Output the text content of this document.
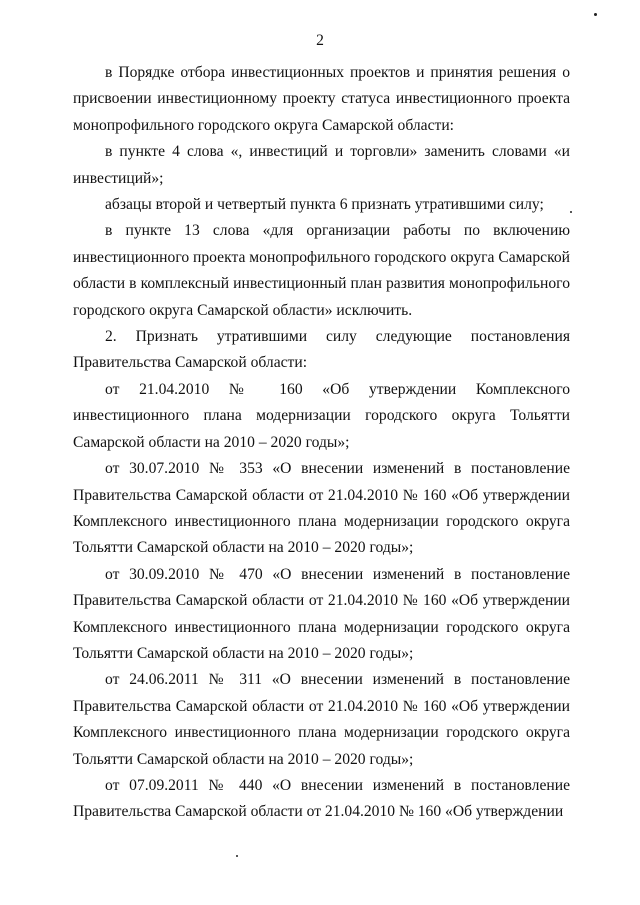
2

в Порядке отбора инвестиционных проектов и принятия решения о присвоении инвестиционному проекту статуса инвестиционного проекта монопрофильного городского округа Самарской области:

в пункте 4 слова «, инвестиций и торговли» заменить словами «и инвестиций»;

абзацы второй и четвертый пункта 6 признать утратившими силу;

в пункте 13 слова «для организации работы по включению инвестиционного проекта монопрофильного городского округа Самарской области в комплексный инвестиционный план развития монопрофильного городского округа Самарской области» исключить.

2. Признать утратившими силу следующие постановления Правительства Самарской области:

от 21.04.2010 № 160 «Об утверждении Комплексного инвестиционного плана модернизации городского округа Тольятти Самарской области на 2010 – 2020 годы»;

от 30.07.2010 № 353 «О внесении изменений в постановление Правительства Самарской области от 21.04.2010 № 160 «Об утверждении Комплексного инвестиционного плана модернизации городского округа Тольятти Самарской области на 2010 – 2020 годы»;

от 30.09.2010 № 470 «О внесении изменений в постановление Правительства Самарской области от 21.04.2010 № 160 «Об утверждении Комплексного инвестиционного плана модернизации городского округа Тольятти Самарской области на 2010 – 2020 годы»;

от 24.06.2011 № 311 «О внесении изменений в постановление Правительства Самарской области от 21.04.2010 № 160 «Об утверждении Комплексного инвестиционного плана модернизации городского округа Тольятти Самарской области на 2010 – 2020 годы»;

от 07.09.2011 № 440 «О внесении изменений в постановление Правительства Самарской области от 21.04.2010 № 160 «Об утверждении
